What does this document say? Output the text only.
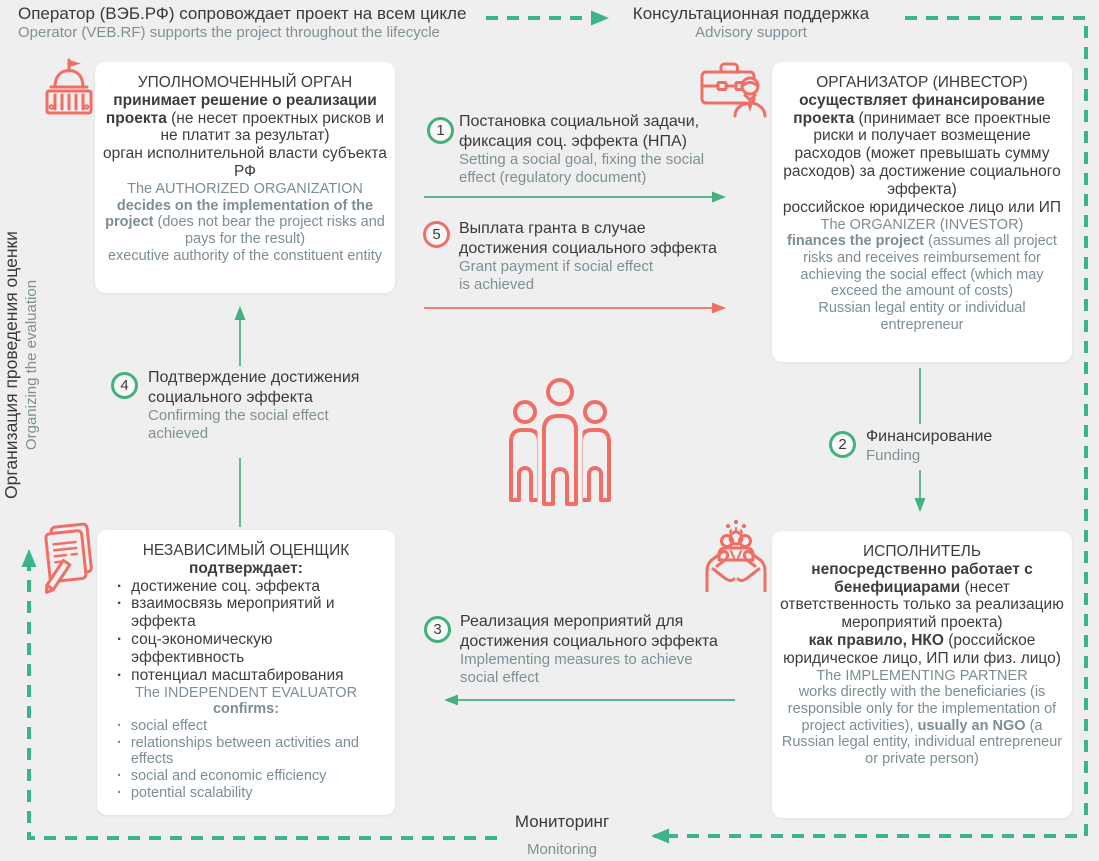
Оператор (ВЭБ.РФ) сопровождает проект на всем цикле
Operator (VEB.RF) supports the project throughout the lifecycle
Консультационная поддержка
Advisory support
Организация проведения оценки Organizing the evaluation
Мониторинг
Monitoring
УПОЛНОМОЧЕННЫЙ ОРГАН
принимает решение о реализации проекта (не несет проектных рисков и не платит за результат)
орган исполнительной власти субъекта РФ
The AUTHORIZED ORGANIZATION
decides on the implementation of the project (does not bear the project risks and pays for the result)
executive authority of the constituent entity
ОРГАНИЗАТОР (ИНВЕСТОР)
осуществляет финансирование проекта (принимает все проектные риски и получает возмещение расходов (может превышать сумму расходов) за достижение социального эффекта)
российское юридическое лицо или ИП
The ORGANIZER (INVESTOR)
finances the project (assumes all project risks and receives reimbursement for achieving the social effect (which may exceed the amount of costs)
Russian legal entity or individual entrepreneur
НЕЗАВИСИМЫЙ ОЦЕНЩИК
подтверждает:
·
достижение соц. эффекта
·
взаимосвязь мероприятий и эффекта
·
соц-экономическую эффективность
·
потенциал масштабирования
The INDEPENDENT EVALUATOR
confirms:
·
social effect
·
relationships between activities and effects
·
social and economic efficiency
·
potential scalability
ИСПОЛНИТЕЛЬ
непосредственно работает с бенефициарами (несет ответственность только за реализацию мероприятий проекта)
как правило, НКО (российское юридическое лицо, ИП или физ. лицо)
The IMPLEMENTING PARTNER
works directly with the beneficiaries (is responsible only for the implementation of project activities), usually an NGO (a Russian legal entity, individual entrepreneur or private person)
1
Постановка социальной задачи, фиксация соц. эффекта (НПА)
Setting a social goal, fixing the social effect (regulatory document)
5	Выплата гранта в случае достижения социального эффекта
Grant payment if social effect is achieved
4	Подтверждение достижения социального эффекта
Confirming the social effect achieved
2	Финансирование
Funding
3	Реализация мероприятий для достижения социального эффекта
Implementing measures to achieve social effect
